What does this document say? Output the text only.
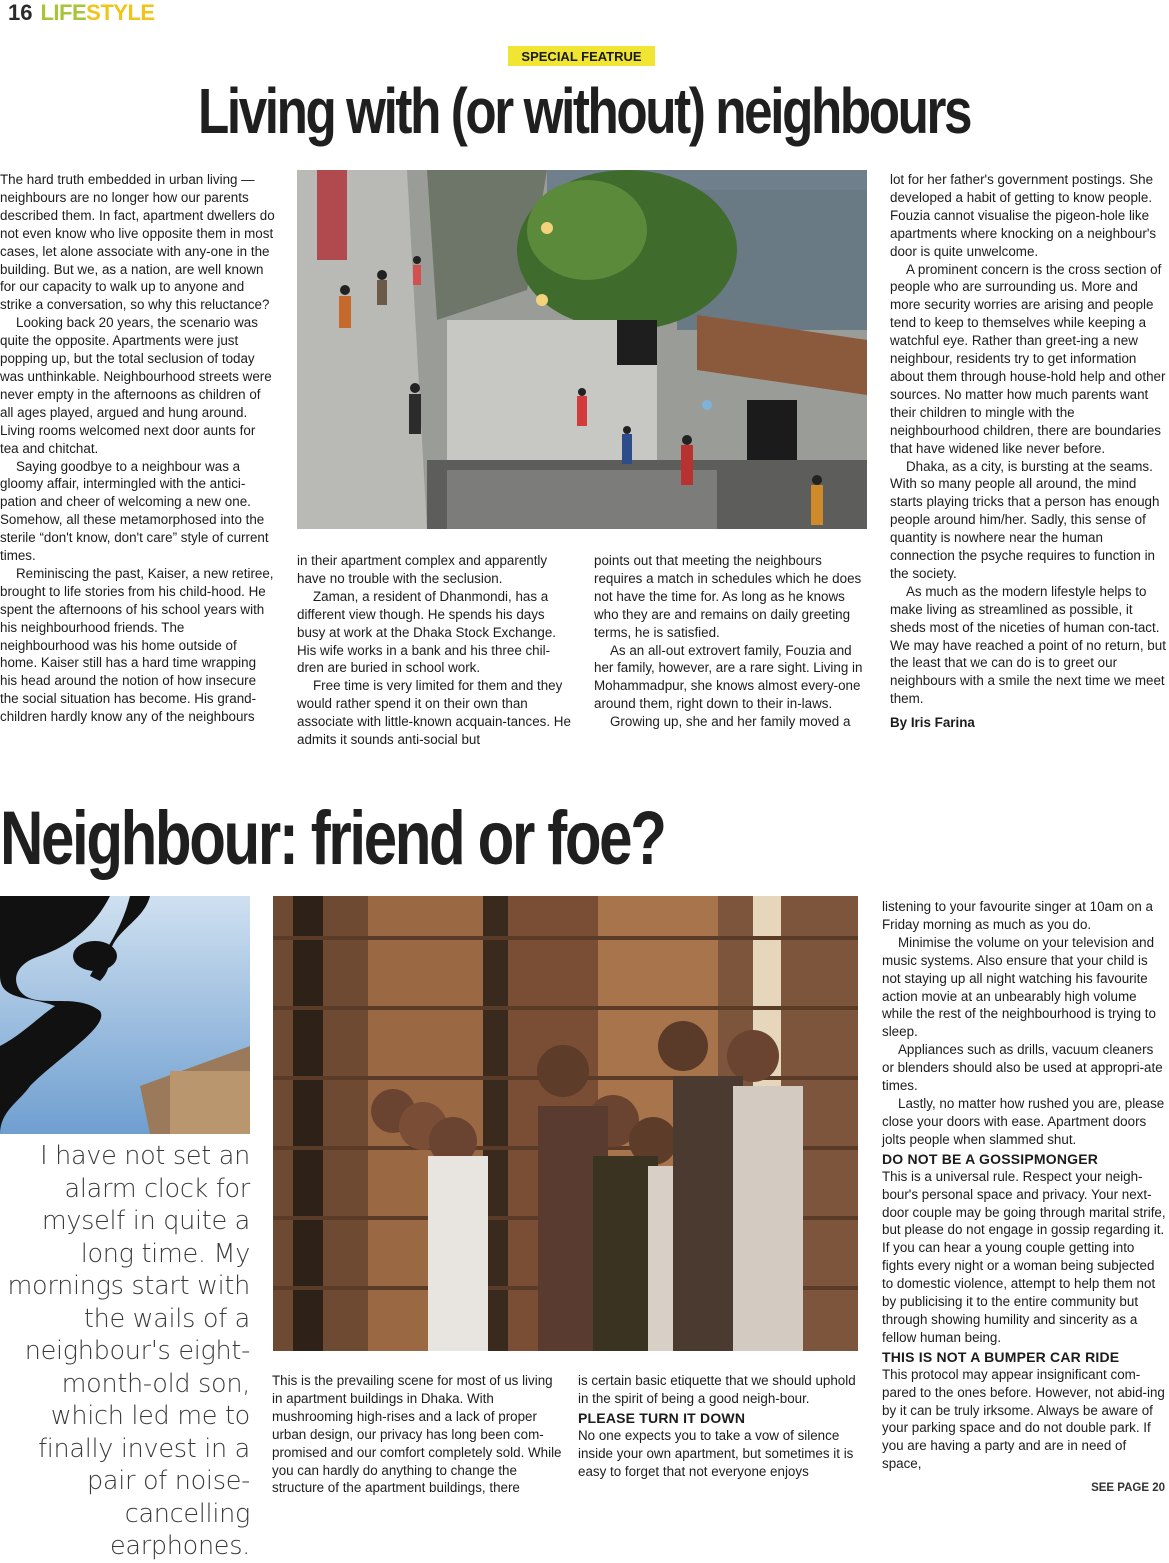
16 LIFESTYLE
SPECIAL FEATRUE
Living with (or without) neighbours

The hard truth embedded in urban living — neighbours are no longer how our parents described them. In fact, apartment dwellers do not even know who live opposite them in most cases, let alone associate with any-one in the building. But we, as a nation, are well known for our capacity to walk up to anyone and strike a conversation, so why this reluctance?

Looking back 20 years, the scenario was quite the opposite. Apartments were just popping up, but the total seclusion of today was unthinkable. Neighbourhood streets were never empty in the afternoons as children of all ages played, argued and hung around. Living rooms welcomed next door aunts for tea and chitchat.

Saying goodbye to a neighbour was a gloomy affair, intermingled with the antici-pation and cheer of welcoming a new one. Somehow, all these metamorphosed into the sterile “don't know, don't care” style of current times.

Reminiscing the past, Kaiser, a new retiree, brought to life stories from his child-hood. He spent the afternoons of his school years with his neighbourhood friends. The neighbourhood was his home outside of home. Kaiser still has a hard time wrapping his head around the notion of how insecure the social situation has become. His grand-children hardly know any of the neighbours

in their apartment complex and apparently have no trouble with the seclusion.

Zaman, a resident of Dhanmondi, has a different view though. He spends his days busy at work at the Dhaka Stock Exchange. His wife works in a bank and his three chil-dren are buried in school work.

Free time is very limited for them and they would rather spend it on their own than associate with little-known acquain-tances. He admits it sounds anti-social but

points out that meeting the neighbours requires a match in schedules which he does not have the time for. As long as he knows who they are and remains on daily greeting terms, he is satisfied.

As an all-out extrovert family, Fouzia and her family, however, are a rare sight. Living in Mohammadpur, she knows almost every-one around them, right down to their in-laws.

Growing up, she and her family moved a

lot for her father's government postings. She developed a habit of getting to know people. Fouzia cannot visualise the pigeon-hole like apartments where knocking on a neighbour's door is quite unwelcome.

A prominent concern is the cross section of people who are surrounding us. More and more security worries are arising and people tend to keep to themselves while keeping a watchful eye. Rather than greet-ing a new neighbour, residents try to get information about them through house-hold help and other sources. No matter how much parents want their children to mingle with the neighbourhood children, there are boundaries that have widened like never before.

Dhaka, as a city, is bursting at the seams. With so many people all around, the mind starts playing tricks that a person has enough people around him/her. Sadly, this sense of quantity is nowhere near the human connection the psyche requires to function in the society.

As much as the modern lifestyle helps to make living as streamlined as possible, it sheds most of the niceties of human con-tact. We may have reached a point of no return, but the least that we can do is to greet our neighbours with a smile the next time we meet them.

By Iris Farina

Neighbour: friend or foe?
I have not set an alarm clock for myself in quite a long time. My mornings start with the wails of a neighbour's eight-month-old son, which led me to finally invest in a pair of noise-cancelling earphones.

This is the prevailing scene for most of us living in apartment buildings in Dhaka. With mushrooming high-rises and a lack of proper urban design, our privacy has long been com-promised and our comfort completely sold. While you can hardly do anything to change the structure of the apartment buildings, there

is certain basic etiquette that we should uphold in the spirit of being a good neigh-bour.

PLEASE TURN IT DOWN

No one expects you to take a vow of silence inside your own apartment, but sometimes it is easy to forget that not everyone enjoys

listening to your favourite singer at 10am on a Friday morning as much as you do.

Minimise the volume on your television and music systems. Also ensure that your child is not staying up all night watching his favourite action movie at an unbearably high volume while the rest of the neighbourhood is trying to sleep.

Appliances such as drills, vacuum cleaners or blenders should also be used at appropri-ate times.

Lastly, no matter how rushed you are, please close your doors with ease. Apartment doors jolts people when slammed shut.

DO NOT BE A GOSSIPMONGER

This is a universal rule. Respect your neigh-bour's personal space and privacy. Your next-door couple may be going through marital strife, but please do not engage in gossip regarding it. If you can hear a young couple getting into fights every night or a woman being subjected to domestic violence, attempt to help them not by publicising it to the entire community but through showing humility and sincerity as a fellow human being.

THIS IS NOT A BUMPER CAR RIDE

This protocol may appear insignificant com-pared to the ones before. However, not abid-ing by it can be truly irksome. Always be aware of your parking space and do not double park. If you are having a party and are in need of space,

SEE PAGE 20
